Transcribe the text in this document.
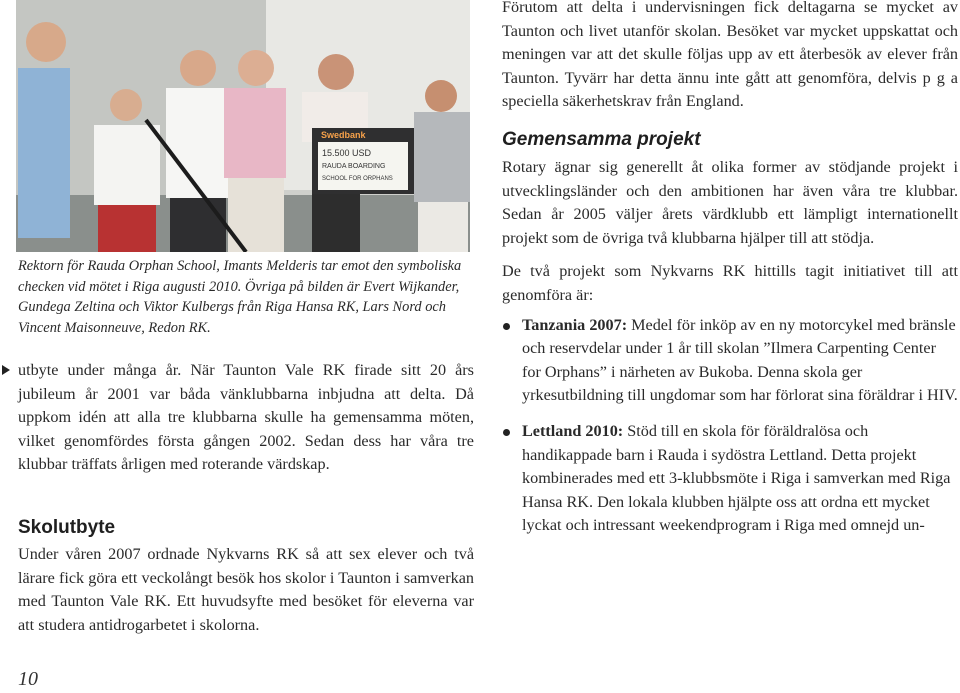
Swedbank
15.500 USD
RAUDA BOARDING
SCHOOL FOR ORPHANS
Rektorn för Rauda Orphan School, Imants Melderis tar emot den symboliska checken vid mötet i Riga augusti 2010. Övriga på bilden är Evert Wijkander, Gundega Zeltina och Viktor Kulbergs från Riga Hansa RK, Lars Nord och Vincent Maisonneuve, Redon RK.

utbyte under många år. När Taunton Vale RK firade sitt 20 års jubileum år 2001 var båda vänklubbarna inbjudna att delta. Då uppkom idén att alla tre klubbarna skulle ha gemensamma möten, vilket genomfördes första gången 2002. Sedan dess har våra tre klubbar träffats årligen med roterande värdskap.

Skolutbyte

Under våren 2007 ordnade Nykvarns RK så att sex elever och två lärare fick göra ett veckolångt besök hos skolor i Taunton i samverkan med Taunton Vale RK. Ett huvudsyfte med besöket för eleverna var att studera antidrogarbetet i skolorna.

Förutom att delta i undervisningen fick deltagarna se mycket av Taunton och livet utanför skolan. Besöket var mycket uppskattat och meningen var att det skulle följas upp av ett återbesök av elever från Taunton. Tyvärr har detta ännu inte gått att genomföra, delvis p g a speciella säkerhetskrav från England.

Gemensamma projekt

Rotary ägnar sig generellt åt olika former av stödjande projekt i utvecklingsländer och den ambitionen har även våra tre klubbar. Sedan år 2005 väljer årets värdklubb ett lämpligt internationellt projekt som de övriga två klubbarna hjälper till att stödja.

De två projekt som Nykvarns RK hittills tagit initiativet till att genomföra är:

Tanzania 2007: Medel för inköp av en ny motorcykel med bränsle och reservdelar under 1 år till skolan ”Ilmera Carpenting Center for Orphans” i närheten av Bukoba. Denna skola ger yrkesutbildning till ungdomar som har förlorat sina föräldrar i HIV.
Lettland 2010: Stöd till en skola för föräldralösa och handikappade barn i Rauda i sydöstra Lettland. Detta projekt kombinerades med ett 3-klubbsmöte i Riga i samverkan med Riga Hansa RK. Den lokala klubben hjälpte oss att ordna ett mycket lyckat och intressant weekendprogram i Riga med omnejd un-
10
